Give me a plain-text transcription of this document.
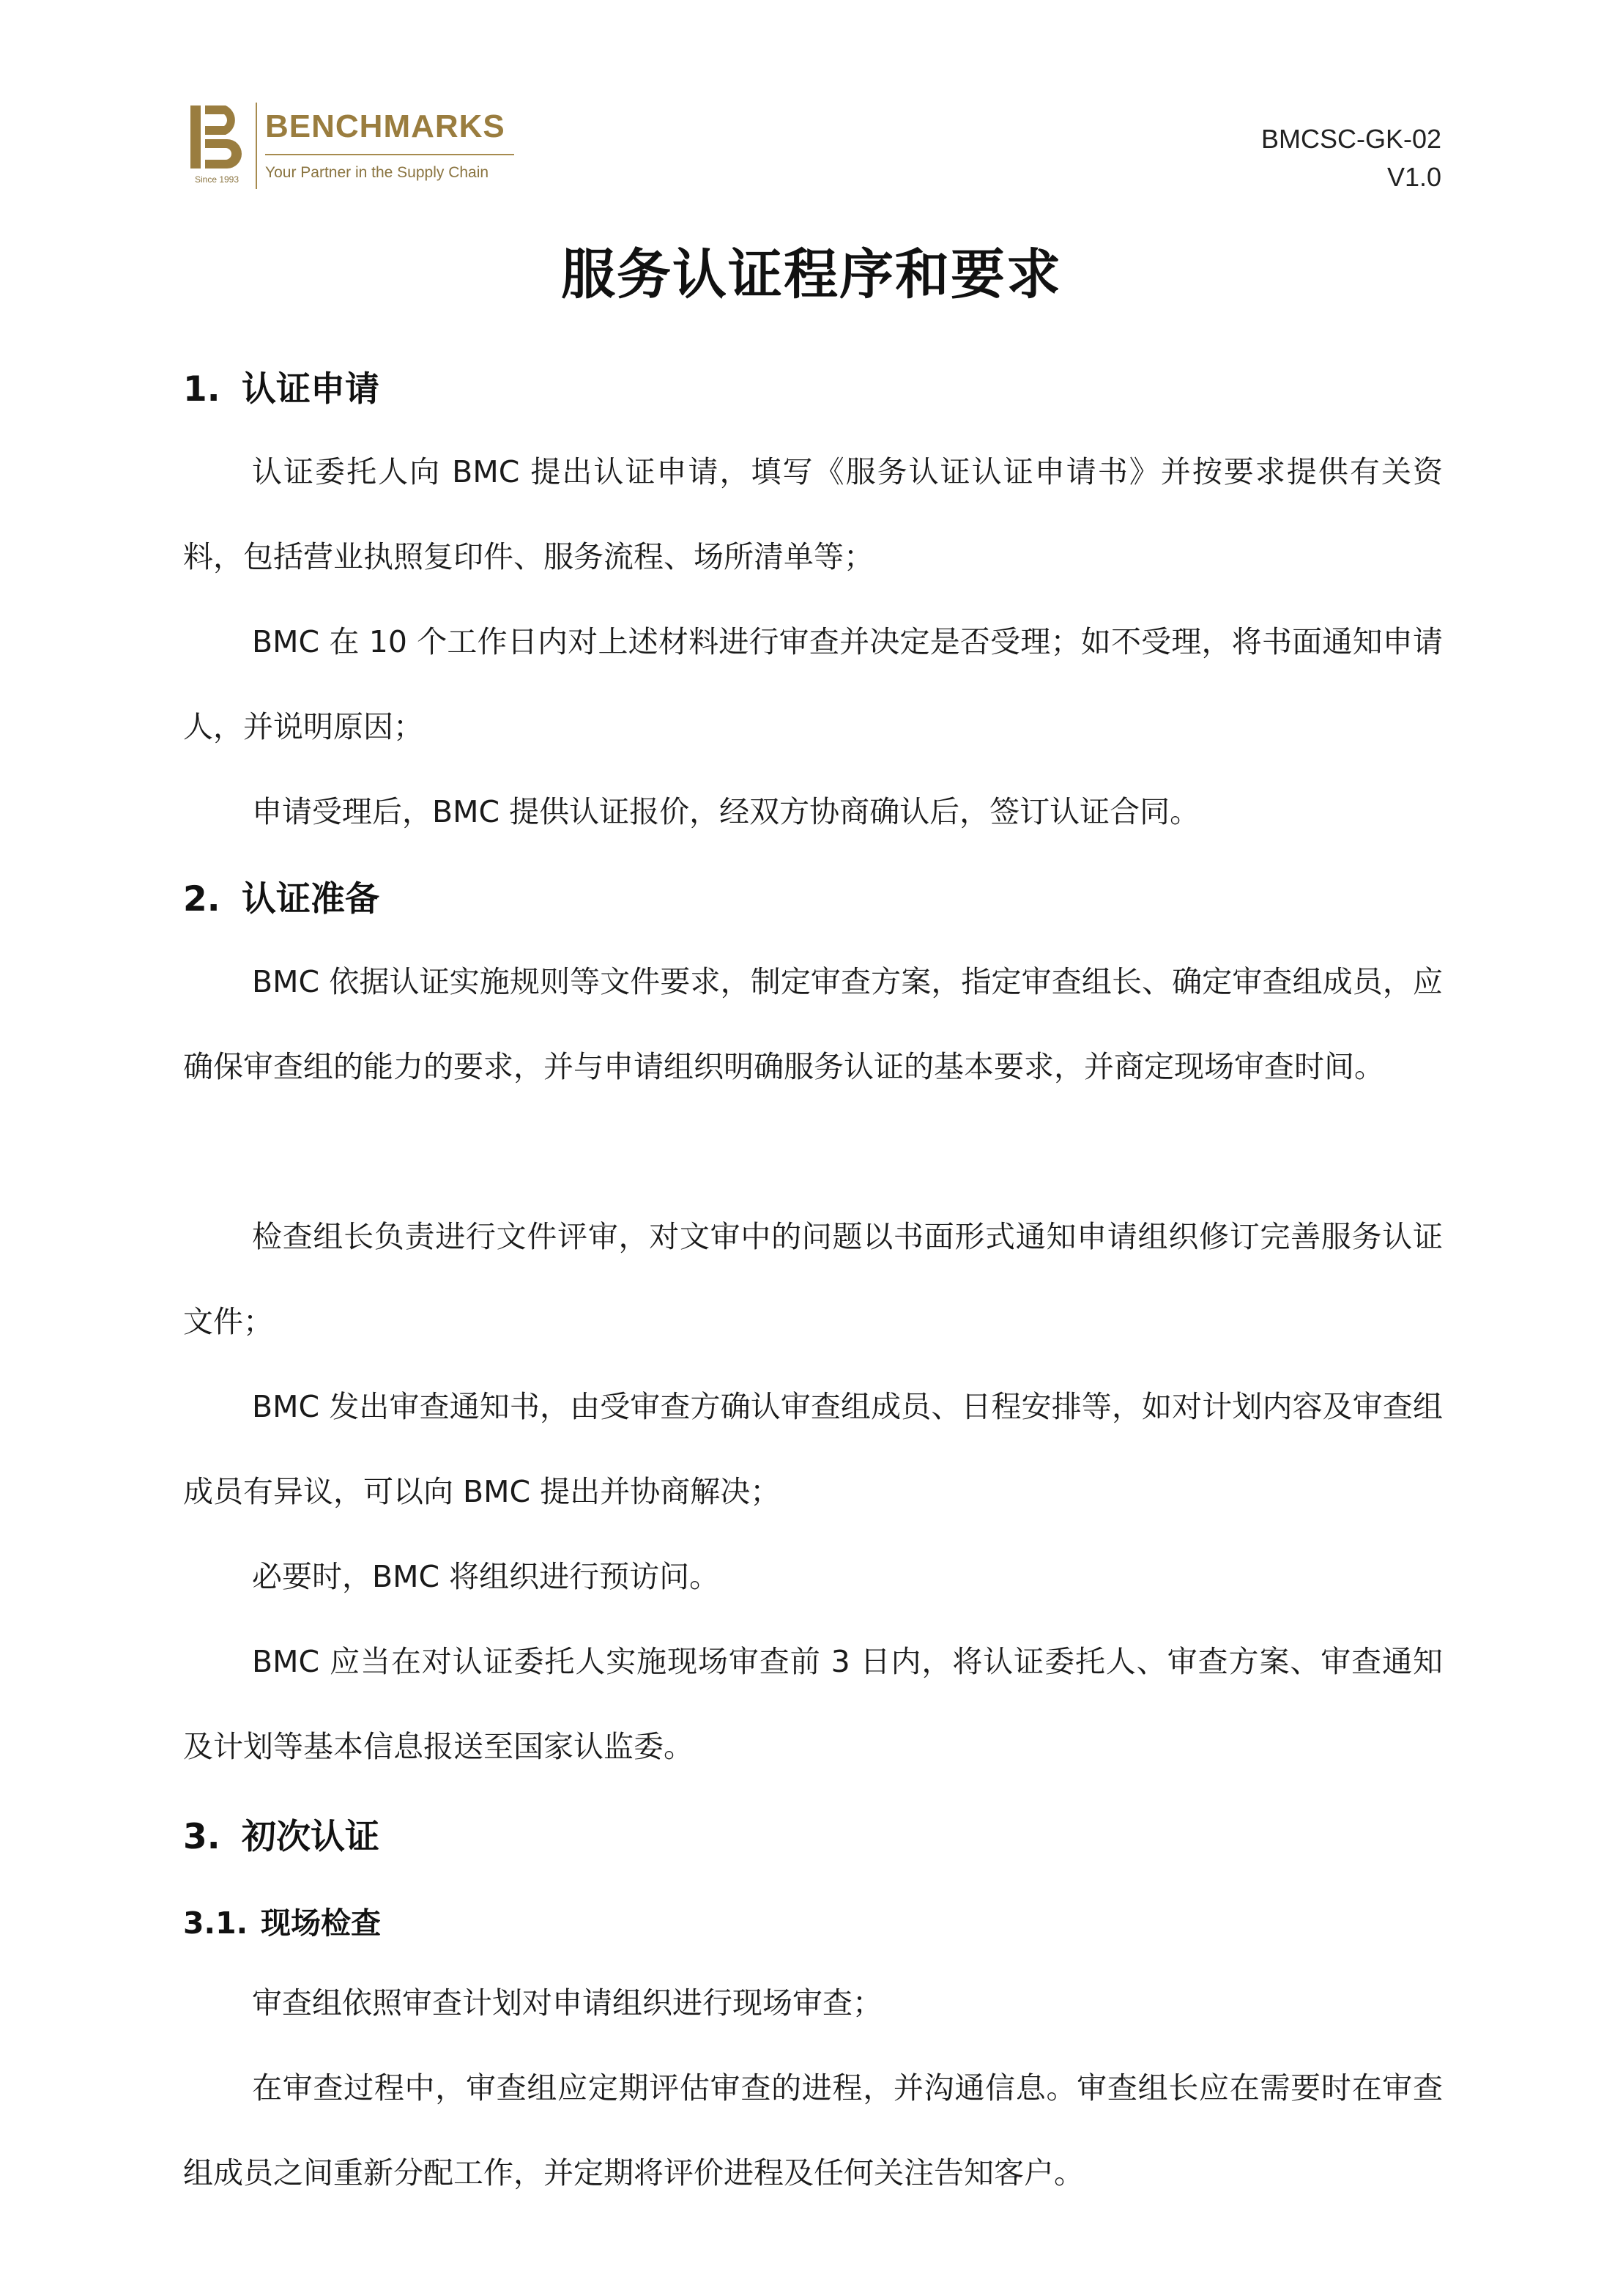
Since 1993
BENCHMARKS
Your Partner in the Supply Chain
BMCSC-GK-02
V1.0
服务认证程序和要求
1. 认证申请
认证委托人向 BMC 提出认证申请，填写《服务认证认证申请书》并按要求提供有关资料，包括营业执照复印件、服务流程、场所清单等；
BMC 在 10 个工作日内对上述材料进行审查并决定是否受理；如不受理，将书面通知申请人，并说明原因；
申请受理后，BMC 提供认证报价，经双方协商确认后，签订认证合同。
2. 认证准备
BMC 依据认证实施规则等文件要求，制定审查方案，指定审查组长、确定审查组成员，应确保审查组的能力的要求，并与申请组织明确服务认证的基本要求，并商定现场审查时间。
检查组长负责进行文件评审，对文审中的问题以书面形式通知申请组织修订完善服务认证文件；
BMC 发出审查通知书，由受审查方确认审查组成员、日程安排等，如对计划内容及审查组成员有异议，可以向 BMC 提出并协商解决；
必要时，BMC 将组织进行预访问。
BMC 应当在对认证委托人实施现场审查前 3 日内，将认证委托人、审查方案、审查通知及计划等基本信息报送至国家认监委。
3. 初次认证
3.1. 现场检查
审查组依照审查计划对申请组织进行现场审查；
在审查过程中，审查组应定期评估审查的进程，并沟通信息。审查组长应在需要时在审查组成员之间重新分配工作，并定期将评价进程及任何关注告知客户。
